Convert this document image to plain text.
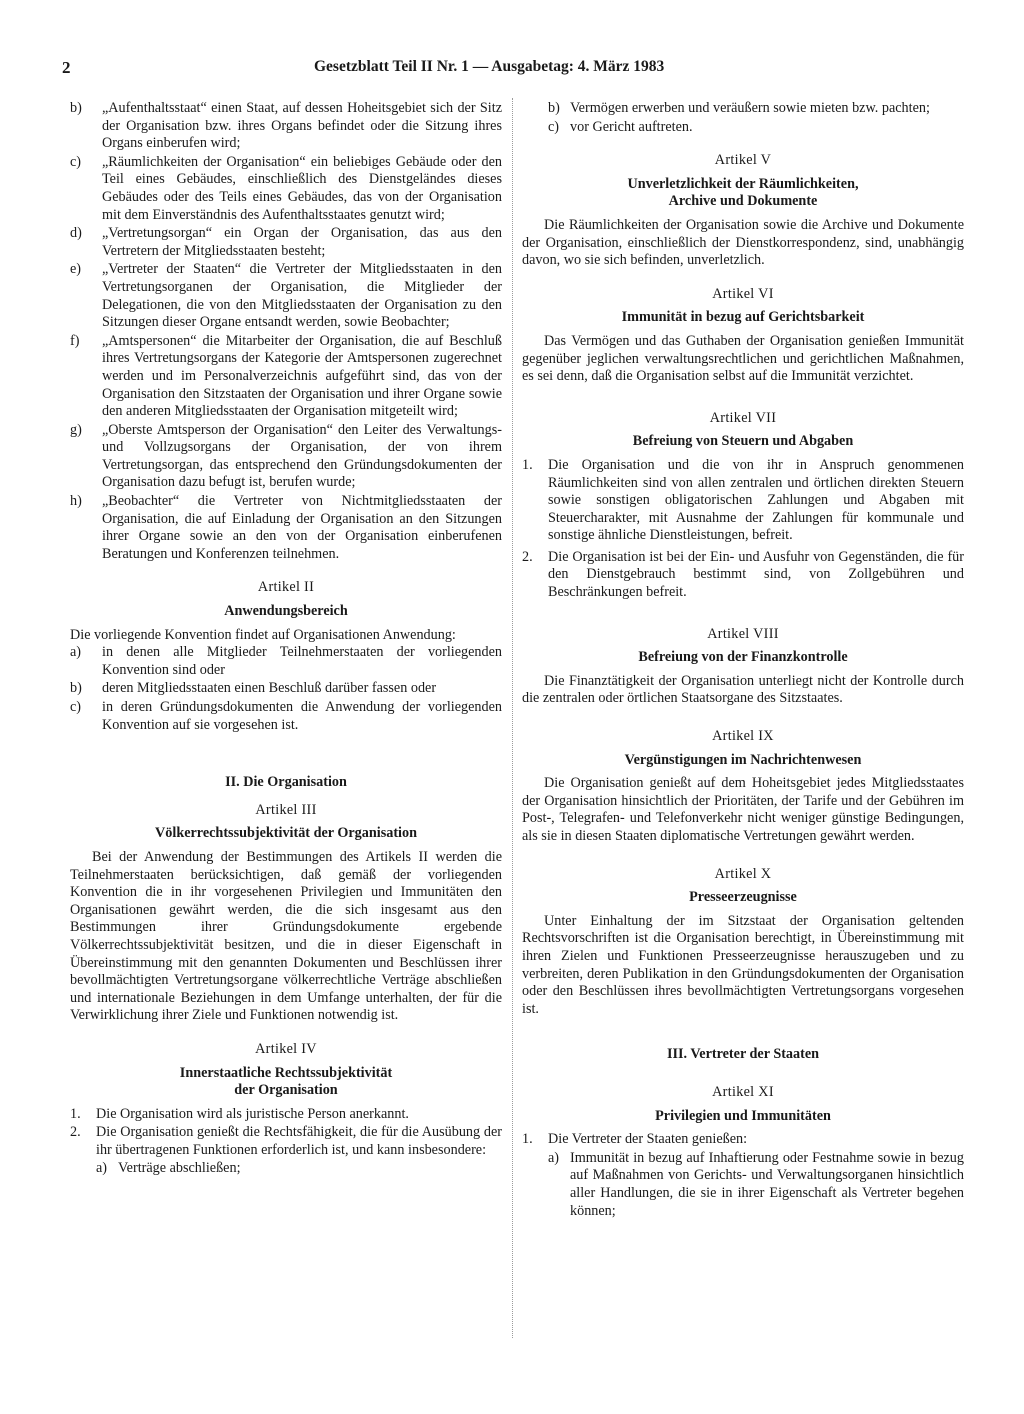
2	Gesetzblatt Teil II Nr. 1 — Ausgabetag: 4. März 1983
b)	„Aufenthaltsstaat“ einen Staat, auf dessen Hoheitsgebiet sich der Sitz der Organisation bzw. ihres Organs befindet oder die Sitzung ihres Organs einberufen wird;
c)	„Räumlichkeiten der Organisation“ ein beliebiges Gebäude oder den Teil eines Gebäudes, einschließlich des Dienstgeländes dieses Gebäudes oder des Teils eines Gebäudes, das von der Organisation mit dem Einverständnis des Aufenthaltsstaates genutzt wird;
d)	„Vertretungsorgan“ ein Organ der Organisation, das aus den Vertretern der Mitgliedsstaaten besteht;
e)	„Vertreter der Staaten“ die Vertreter der Mitgliedsstaaten in den Vertretungsorganen der Organisation, die Mitglieder der Delegationen, die von den Mitgliedsstaaten der Organisation zu den Sitzungen dieser Organe entsandt werden, sowie Beobachter;
f)	„Amtspersonen“ die Mitarbeiter der Organisation, die auf Beschluß ihres Vertretungsorgans der Kategorie der Amtspersonen zugerechnet werden und im Personalverzeichnis aufgeführt sind, das von der Organisation den Sitzstaaten der Organisation und ihrer Organe sowie den anderen Mitgliedsstaaten der Organisation mitgeteilt wird;
g)	„Oberste Amtsperson der Organisation“ den Leiter des Verwaltungs- und Vollzugsorgans der Organisation, der von ihrem Vertretungsorgan, das entsprechend den Gründungsdokumenten der Organisation dazu befugt ist, berufen wurde;
h)	„Beobachter“ die Vertreter von Nichtmitgliedsstaaten der Organisation, die auf Einladung der Organisation an den Sitzungen ihrer Organe sowie an den von der Organisation einberufenen Beratungen und Konferenzen teilnehmen.
Artikel II
Anwendungsbereich

Die vorliegende Konvention findet auf Organisationen Anwendung:

a)	in denen alle Mitglieder Teilnehmerstaaten der vorliegenden Konvention sind oder
b)	deren Mitgliedsstaaten einen Beschluß darüber fassen oder
c)	in deren Gründungsdokumenten die Anwendung der vorliegenden Konvention auf sie vorgesehen ist.
II. Die Organisation
Artikel III
Völkerrechtssubjektivität der Organisation

Bei der Anwendung der Bestimmungen des Artikels II werden die Teilnehmerstaaten berücksichtigen, daß gemäß der vorliegenden Konvention die in ihr vorgesehenen Privilegien und Immunitäten den Organisationen gewährt werden, die die sich insgesamt aus den Bestimmungen ihrer Gründungsdokumente ergebende Völkerrechtssubjektivität besitzen, und die in dieser Eigenschaft in Übereinstimmung mit den genannten Dokumenten und Beschlüssen ihrer bevollmächtigten Vertretungsorgane völkerrechtliche Verträge abschließen und internationale Beziehungen in dem Umfange unterhalten, der für die Verwirklichung ihrer Ziele und Funktionen notwendig ist.

Artikel IV
Innerstaatliche Rechtssubjektivität
der Organisation
1.	Die Organisation wird als juristische Person anerkannt.
2.	Die Organisation genießt die Rechtsfähigkeit, die für die Ausübung der ihr übertragenen Funktionen erforderlich ist, und kann insbesondere:
a) Verträge abschließen;
b) Vermögen erwerben und veräußern sowie mieten bzw. pachten;
c) vor Gericht auftreten.
Artikel V
Unverletzlichkeit der Räumlichkeiten,
Archive und Dokumente

Die Räumlichkeiten der Organisation sowie die Archive und Dokumente der Organisation, einschließlich der Dienstkorrespondenz, sind, unabhängig davon, wo sie sich befinden, unverletzlich.

Artikel VI
Immunität in bezug auf Gerichtsbarkeit

Das Vermögen und das Guthaben der Organisation genießen Immunität gegenüber jeglichen verwaltungsrechtlichen und gerichtlichen Maßnahmen, es sei denn, daß die Organisation selbst auf die Immunität verzichtet.

Artikel VII
Befreiung von Steuern und Abgaben
1.	Die Organisation und die von ihr in Anspruch genommenen Räumlichkeiten sind von allen zentralen und örtlichen direkten Steuern sowie sonstigen obligatorischen Zahlungen und Abgaben mit Steuercharakter, mit Ausnahme der Zahlungen für kommunale und sonstige ähnliche Dienstleistungen, befreit.
2.	Die Organisation ist bei der Ein- und Ausfuhr von Gegenständen, die für den Dienstgebrauch bestimmt sind, von Zollgebühren und Beschränkungen befreit.
Artikel VIII
Befreiung von der Finanzkontrolle

Die Finanztätigkeit der Organisation unterliegt nicht der Kontrolle durch die zentralen oder örtlichen Staatsorgane des Sitzstaates.

Artikel IX
Vergünstigungen im Nachrichtenwesen

Die Organisation genießt auf dem Hoheitsgebiet jedes Mitgliedsstaates der Organisation hinsichtlich der Prioritäten, der Tarife und der Gebühren im Post-, Telegrafen- und Telefonverkehr nicht weniger günstige Bedingungen, als sie in diesen Staaten diplomatische Vertretungen gewährt werden.

Artikel X
Presseerzeugnisse

Unter Einhaltung der im Sitzstaat der Organisation geltenden Rechtsvorschriften ist die Organisation berechtigt, in Übereinstimmung mit ihren Zielen und Funktionen Presseerzeugnisse herauszugeben und zu verbreiten, deren Publikation in den Gründungsdokumenten der Organisation oder den Beschlüssen ihres bevollmächtigten Vertretungsorgans vorgesehen ist.

III. Vertreter der Staaten
Artikel XI
Privilegien und Immunitäten
1.	Die Vertreter der Staaten genießen:
a) Immunität in bezug auf Inhaftierung oder Festnahme sowie in bezug auf Maßnahmen von Gerichts- und Verwaltungsorganen hinsichtlich aller Handlungen, die sie in ihrer Eigenschaft als Vertreter begehen können;
